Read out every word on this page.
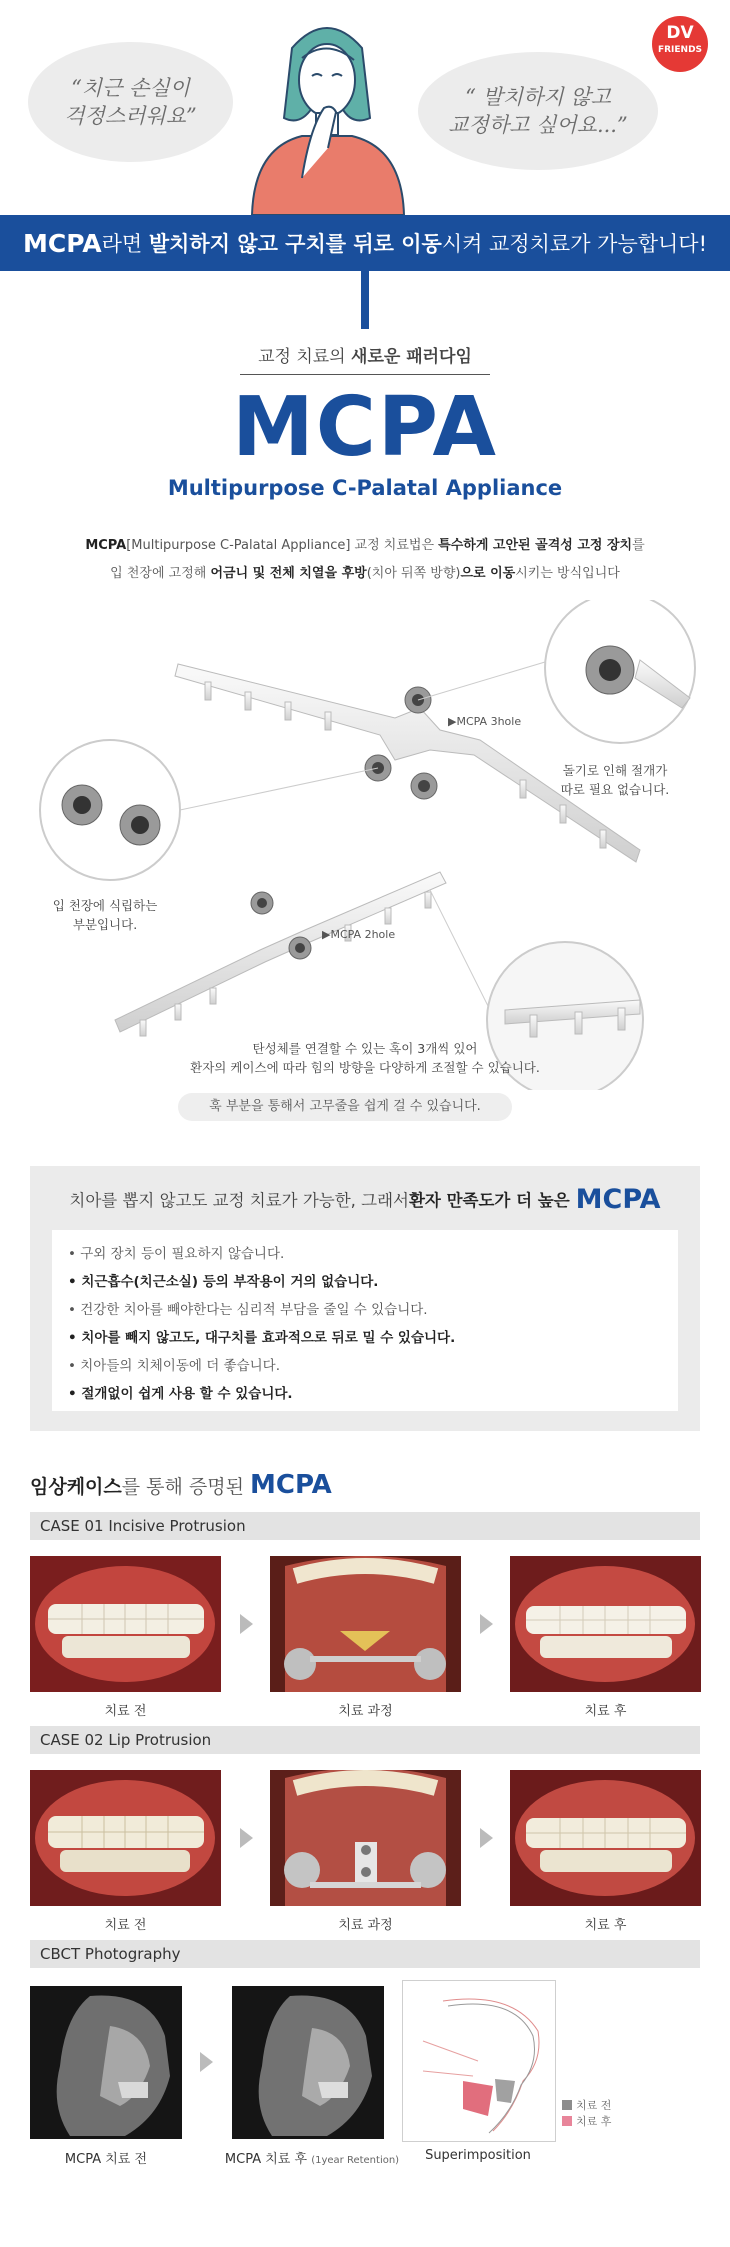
“치근 손실이
걱정스러워요”
“ 발치하지 않고
교정하고 싶어요...”
DV
FRIENDS
MCPA 라면 발치하지 않고 구치를 뒤로 이동 시켜 교정치료가 가능합니다!
교정 치료의 새로운 패러다임
MCPA
Multipurpose C-Palatal Appliance
MCPA[Multipurpose C-Palatal Appliance] 교정 치료법은 특수하게 고안된 골격성 고정 장치를
입 천장에 고정해 어금니 및 전체 치열을 후방(치아 뒤쪽 방향)으로 이동시키는 방식입니다
▶MCPA 3hole
▶MCPA 2hole
돌기로 인해 절개가
따로 필요 없습니다.
입 천장에 식립하는
부분입니다.
탄성체를 연결할 수 있는 혹이 3개씩 있어
환자의 케이스에 따라 힘의 방향을 다양하게 조절할 수 있습니다.
훅 부분을 통해서 고무줄을 쉽게 걸 수 있습니다.
치아를 뽑지 않고도 교정 치료가 가능한, 그래서 환자 만족도가 더 높은 MCPA
• 구외 장치 등이 필요하지 않습니다.
• 치근흡수(치근소실) 등의 부작용이 거의 없습니다.
• 건강한 치아를 빼야한다는 심리적 부담을 줄일 수 있습니다.
• 치아를 빼지 않고도, 대구치를 효과적으로 뒤로 밀 수 있습니다.
• 치아들의 치체이동에 더 좋습니다.
• 절개없이 쉽게 사용 할 수 있습니다.
임상케이스를 통해 증명된 MCPA
CASE 01 Incisive Protrusion
치료 전	치료 과정	치료 후
CASE 02 Lip Protrusion
치료 전	치료 과정	치료 후
CBCT Photography
치료 전
치료 후
MCPA 치료 전	MCPA 치료 후 (1year Retention)	Superimposition
